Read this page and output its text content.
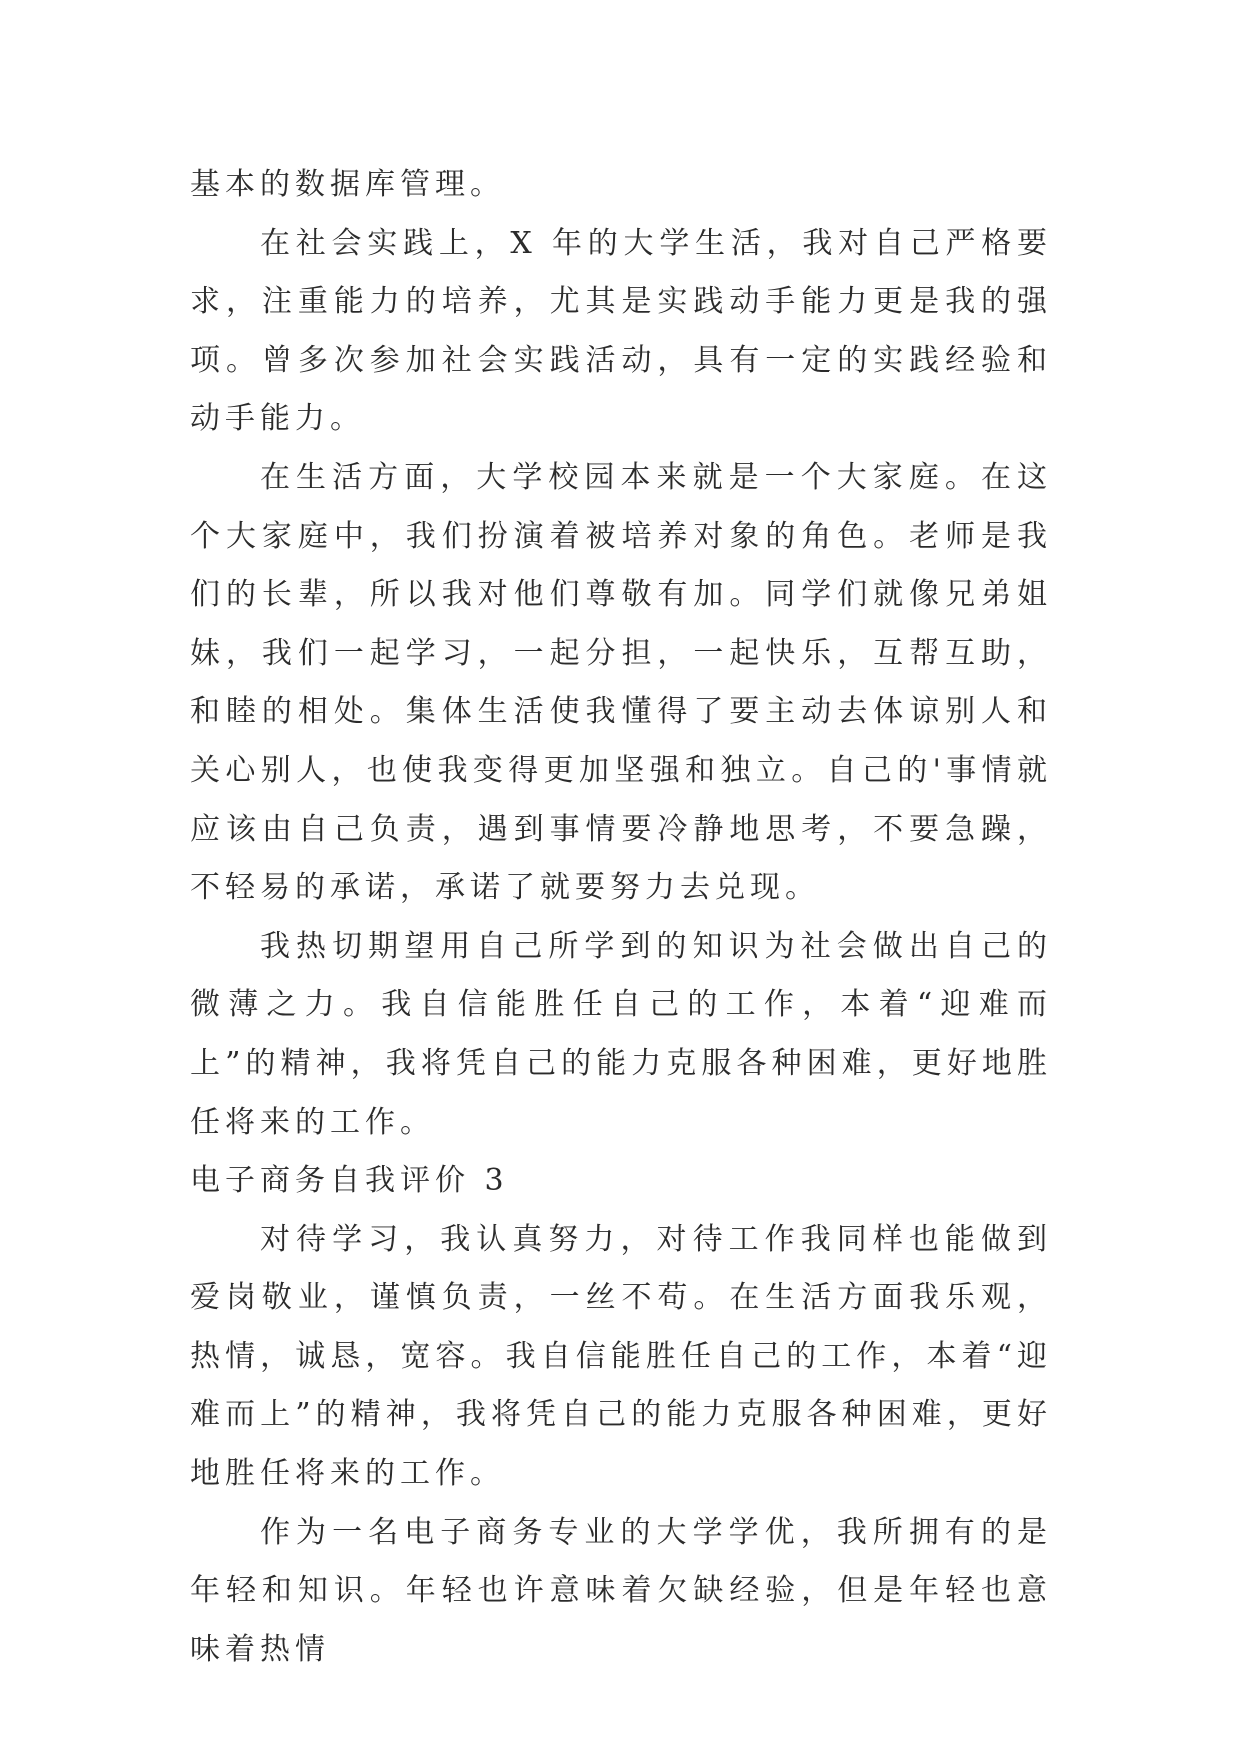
基本的数据库管理。

在社会实践上，X 年的大学生活，我对自己严格要求，注重能力的培养，尤其是实践动手能力更是我的强项。曾多次参加社会实践活动，具有一定的实践经验和动手能力。

在生活方面，大学校园本来就是一个大家庭。在这个大家庭中，我们扮演着被培养对象的角色。老师是我们的长辈，所以我对他们尊敬有加。同学们就像兄弟姐妹，我们一起学习，一起分担，一起快乐，互帮互助，和睦的相处。集体生活使我懂得了要主动去体谅别人和关心别人，也使我变得更加坚强和独立。自己的'事情就应该由自己负责，遇到事情要冷静地思考，不要急躁，不轻易的承诺，承诺了就要努力去兑现。

我热切期望用自己所学到的知识为社会做出自己的微薄之力。我自信能胜任自己的工作，本着“迎难而上”的精神，我将凭自己的能力克服各种困难，更好地胜任将来的工作。

电子商务自我评价 3

对待学习，我认真努力，对待工作我同样也能做到爱岗敬业，谨慎负责，一丝不苟。在生活方面我乐观，热情，诚恳，宽容。我自信能胜任自己的工作，本着“迎难而上”的精神，我将凭自己的能力克服各种困难，更好地胜任将来的工作。

作为一名电子商务专业的大学学优，我所拥有的是年轻和知识。年轻也许意味着欠缺经验，但是年轻也意味着热情
